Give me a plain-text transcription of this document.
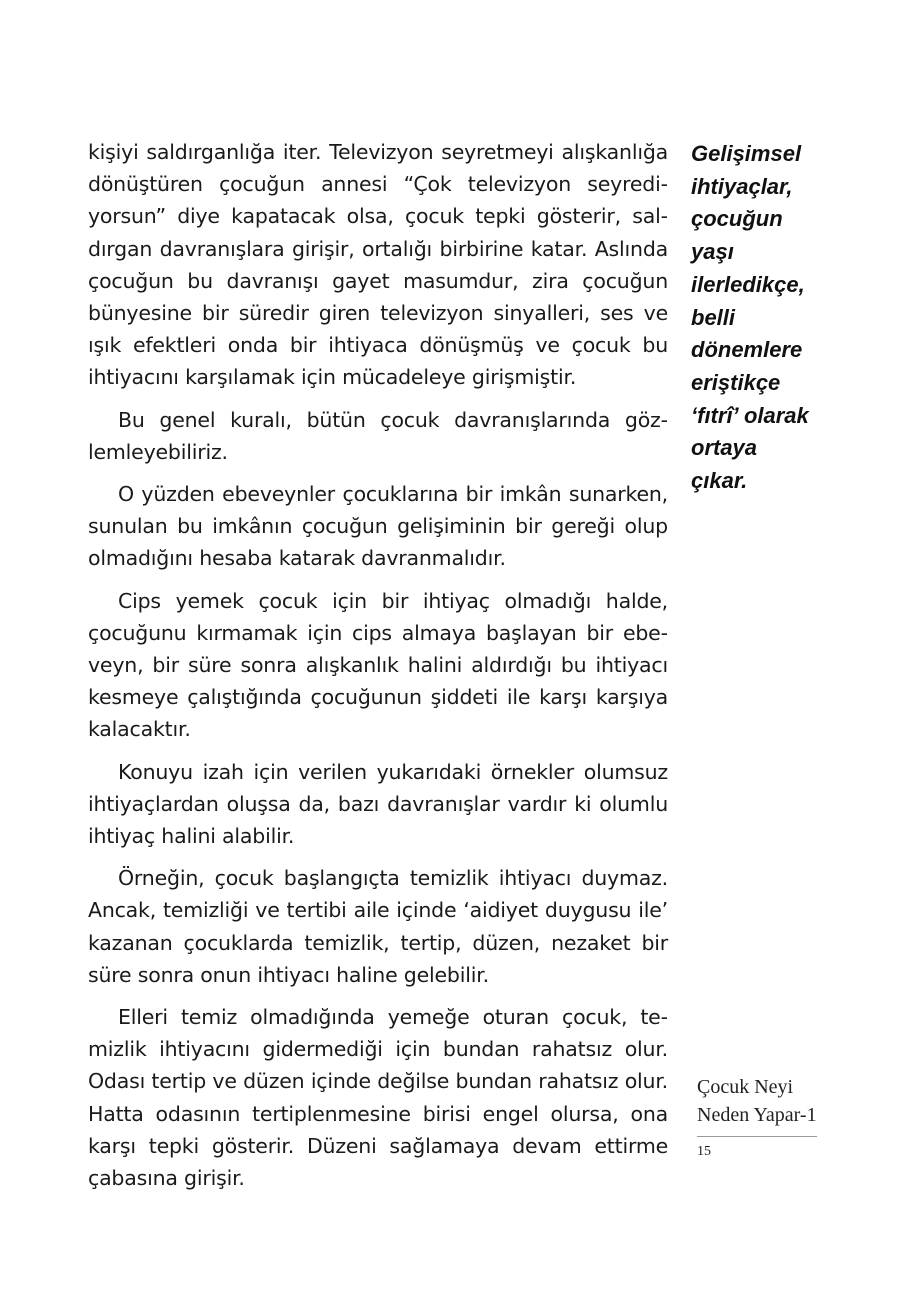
kişiyi saldırganlığa iter. Televizyon seyretmeyi alışkanlığa dönüştüren çocuğun annesi “Çok televizyon seyrediyorsun” diye kapatacak olsa, çocuk tepki gösterir, saldırgan davranışlara girişir, ortalığı birbirine katar. Aslında çocuğun bu davranışı gayet masumdur, zira çocuğun bünyesine bir süredir giren televizyon sinyalleri, ses ve ışık efektleri onda bir ihtiyaca dönüşmüş ve çocuk bu ihtiyacını karşılamak için mücadeleye girişmiştir.

Bu genel kuralı, bütün çocuk davranışlarında gözlemleyebiliriz.

O yüzden ebeveynler çocuklarına bir imkân sunarken, sunulan bu imkânın çocuğun gelişiminin bir gereği olup olmadığını hesaba katarak davranmalıdır.

Cips yemek çocuk için bir ihtiyaç olmadığı halde, çocuğunu kırmamak için cips almaya başlayan bir ebeveyn, bir süre sonra alışkanlık halini aldırdığı bu ihtiyacı kesmeye çalıştığında çocuğunun şiddeti ile karşı karşıya kalacaktır.

Konuyu izah için verilen yukarıdaki örnekler olumsuz ihtiyaçlardan oluşsa da, bazı davranışlar vardır ki olumlu ihtiyaç halini alabilir.

Örneğin, çocuk başlangıçta temizlik ihtiyacı duymaz. Ancak, temizliği ve tertibi aile içinde ‘aidiyet duygusu ile’ kazanan çocuklarda temizlik, tertip, düzen, nezaket bir süre sonra onun ihtiyacı haline gelebilir.

Elleri temiz olmadığında yemeğe oturan çocuk, temizlik ihtiyacını gidermediği için bundan rahatsız olur. Odası tertip ve düzen içinde değilse bundan rahatsız olur. Hatta odasının tertiplenmesine birisi engel olursa, ona karşı tepki gösterir. Düzeni sağlamaya devam ettirme çabasına girişir.

Gelişimsel
ihtiyaçlar,
çocuğun
yaşı
ilerledikçe,
belli
dönemlere
eriştikçe
‘fıtrî’ olarak
ortaya
çıkar.
Çocuk Neyi
Neden Yapar-1
15
